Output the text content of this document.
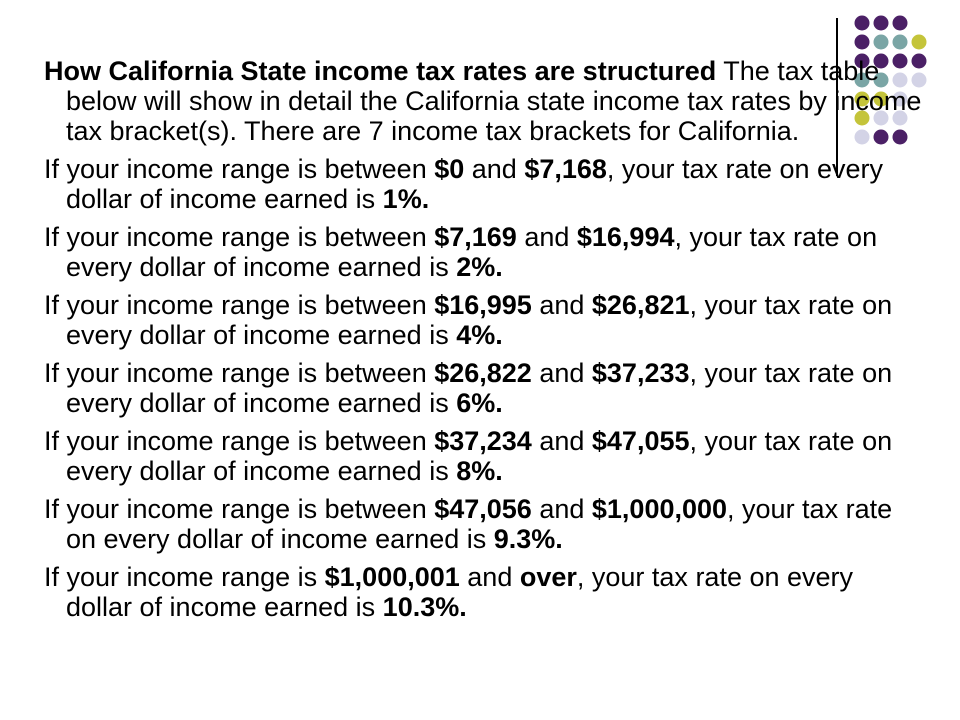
How California State income tax rates are structured The tax table below will show in detail the California state income tax rates by income tax bracket(s). There are 7 income tax brackets for California.

If your income range is between $0 and $7,168, your tax rate on every dollar of income earned is 1%.

If your income range is between $7,169 and $16,994, your tax rate on every dollar of income earned is 2%.

If your income range is between $16,995 and $26,821, your tax rate on every dollar of income earned is 4%.

If your income range is between $26,822 and $37,233, your tax rate on every dollar of income earned is 6%.

If your income range is between $37,234 and $47,055, your tax rate on every dollar of income earned is 8%.

If your income range is between $47,056 and $1,000,000, your tax rate on every dollar of income earned is 9.3%.

If your income range is $1,000,001 and over, your tax rate on every dollar of income earned is 10.3%.
